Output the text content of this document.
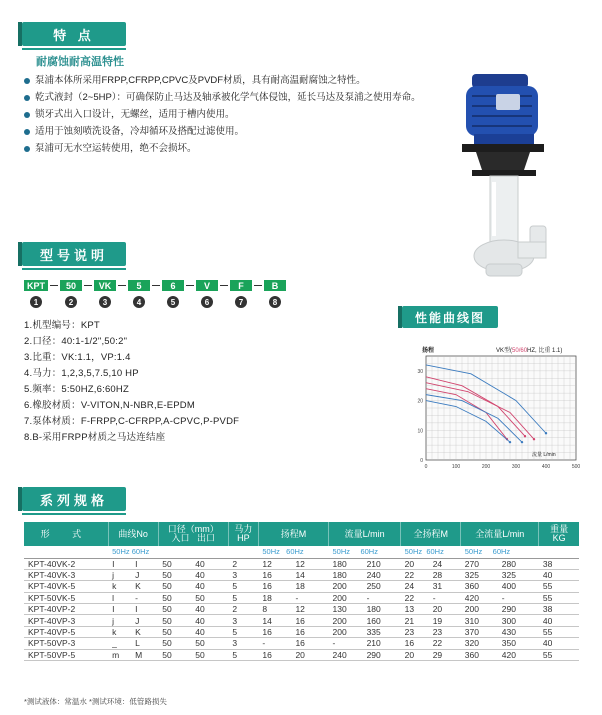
特 点
耐腐蚀耐高温特性
泵浦本体所采用FRPP,CFRPP,CPVC及PVDF材质，具有耐高温耐腐蚀之特性。
乾式液封（2~5HP）：可确保防止马达及轴承被化学气体侵蚀，延长马达及泵浦之使用寿命。
锁牙式出入口设计，无螺丝，适用于槽内使用。
适用于蚀刻喷洗设备，冷却循环及搭配过滤使用。
泵浦可无水空运转使用，绝不会损坏。
型号说明
KPT	50	VK	5	6	V	F	B
1	2	3	4	5	6	7	8
1.机型编号：KPT
2.口径：40:1-1/2",50:2"
3.比重：VK:1.1，VP:1.4
4.马力：1,2,3,5,7.5,10 HP
5.频率：5:50HZ,6:60HZ
6.橡胶材质：V-VITON,N-NBR,E-EPDM
7.泵体材质：F-FRPP,C-CFRPP,A-CPVC,P-PVDF
8.B-采用FRPP材质之马达连结座
性能曲线图
0	100	200	300	400	500
0
10
20
30
扬程
流量 L/min
VK型(50/60HZ, 比重 1.1)
系列规格
形 式	曲线No	口径（mm）
入口 出口	马力
HP	扬程M	流量L/min	全扬程M	全流量L/min	重量
KG
	50Hz 60Hz			50Hz 60Hz	50Hz 60Hz	50Hz 60Hz	50Hz 60Hz	
KPT-40VK-2	I I	50 40	2	12 12	180 210	20 24	270 280	38
KPT-40VK-3	j J	50 40	3	16 14	180 240	22 28	325 325	40
KPT-40VK-5	k K	50 40	5	16 18	200 250	24 31	360 400	55
KPT-50VK-5	l -	50 50	5	18 -	200 -	22 -	420 -	55
KPT-40VP-2	I I	50 40	2	8 12	130 180	13 20	200 290	38
KPT-40VP-3	j J	50 40	3	14 16	200 160	21 19	310 300	40
KPT-40VP-5	k K	50 40	5	16 16	200 335	23 23	370 430	55
KPT-50VP-3	_ L	50 50	3	- 16	- 210	16 22	320 350	40
KPT-50VP-5	m M	50 50	5	16 20	240 290	20 29	360 420	55
*测试液体：常温水 *测试环境：低管路损失
